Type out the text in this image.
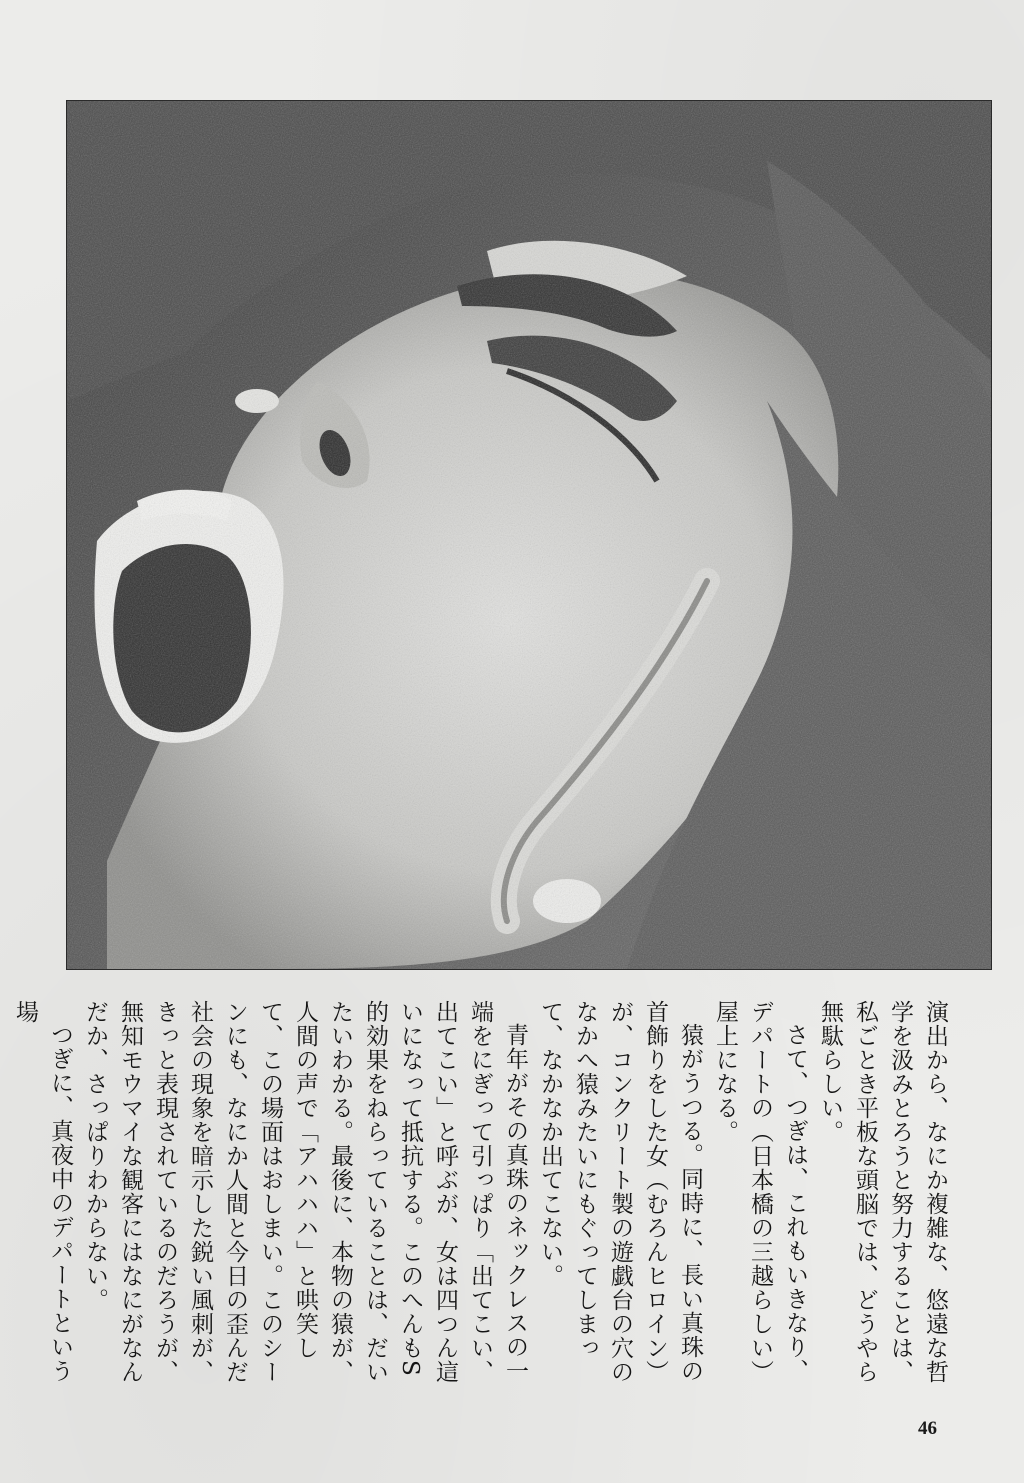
演出から、なにか複雑な、悠遠な哲学を汲みとろうと努力することは、私ごとき平板な頭脳では、どうやら無駄らしい。

さて、つぎは、これもいきなり、デパートの（日本橋の三越らしい）屋上になる。

猿がうつる。同時に、長い真珠の首飾りをした女（むろんヒロイン）が、コンクリート製の遊戯台の穴のなかへ猿みたいにもぐってしまって、なかなか出てこない。

青年がその真珠のネックレスの一端をにぎって引っぱり「出てこい、出てこい」と呼ぶが、女は四つん這いになって抵抗する。このへんもS的効果をねらっていることは、だいたいわかる。最後に、本物の猿が、人間の声で「アハハハ」と哄笑して、この場面はおしまい。このシーンにも、なにか人間と今日の歪んだ社会の現象を暗示した鋭い風刺が、きっと表現されているのだろうが、無知モウマイな観客にはなにがなんだか、さっぱりわからない。

つぎに、真夜中のデパートという場

46
